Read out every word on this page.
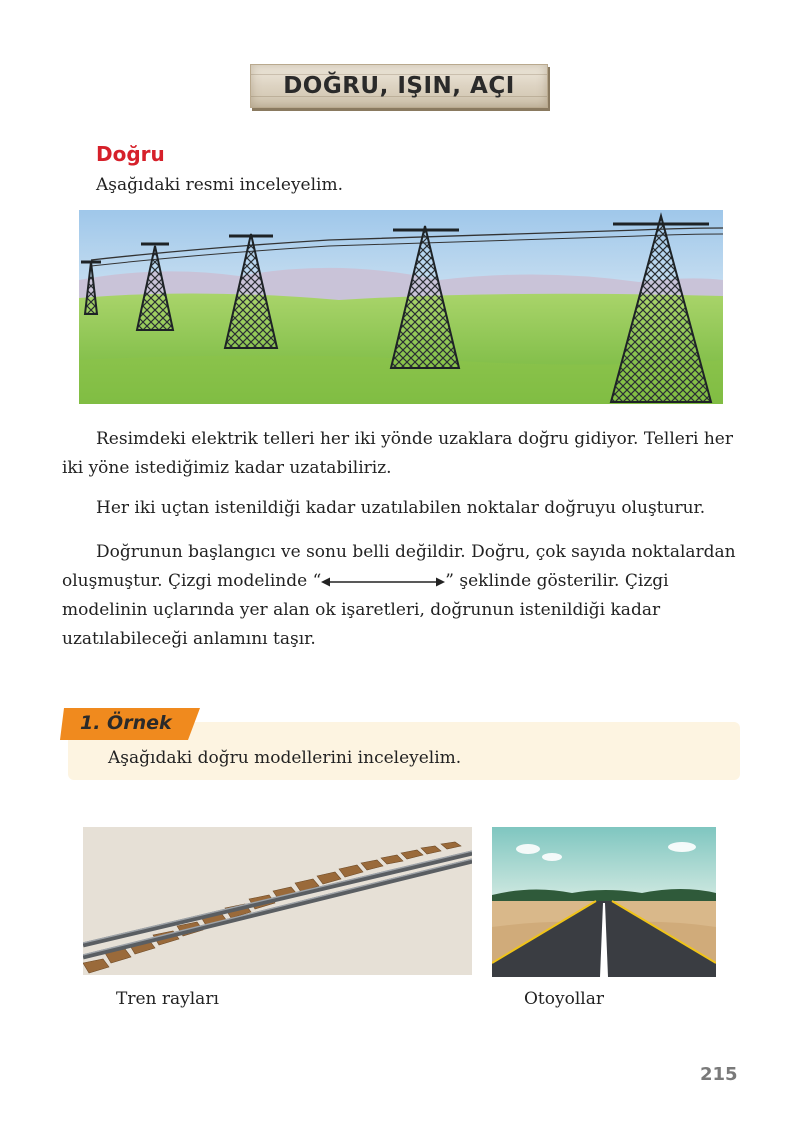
DOĞRU, IŞIN, AÇI
Doğru
Aşağıdaki resmi inceleyelim.
Resimdeki elektrik telleri her iki yönde uzaklara doğru gidiyor. Telleri her iki yöne istediğimiz kadar uzatabiliriz.
Her iki uçtan istenildiği kadar uzatılabilen noktalar doğruyu oluşturur.
Doğrunun başlangıcı ve sonu belli değildir. Doğru, çok sayıda noktalardan oluşmuştur. Çizgi modelinde “	” şeklinde gösterilir. Çizgi modelinin uçlarında yer alan ok işaretleri, doğrunun istenildiği kadar uzatılabileceği anlamını taşır.
1. Örnek
Aşağıdaki doğru modellerini inceleyelim.
Tren rayları	Otoyollar
215
